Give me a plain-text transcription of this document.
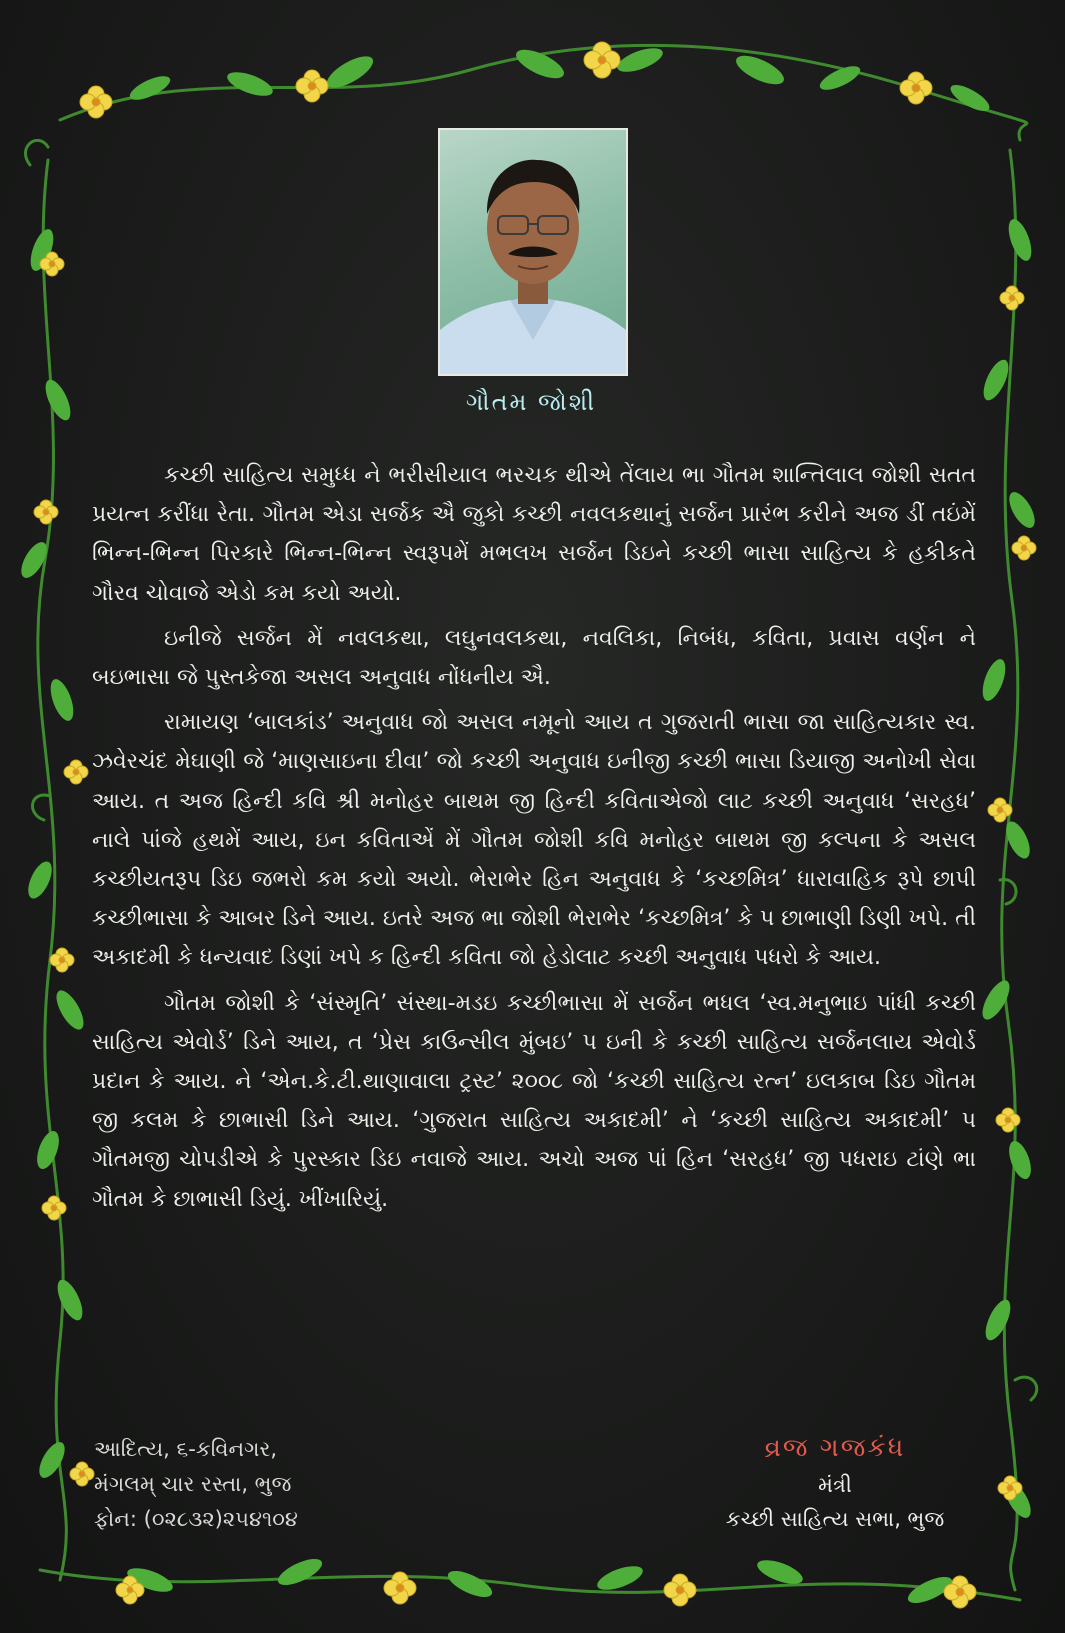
ગૌતમ જોશી

કચ્છી સાહિત્ય સમુધ્ધ ને ભરીસીયાલ ભરચક થીએ તેંલાય ભા ગૌતમ શાન્તિલાલ જોશી સતત પ્રયત્ન કરીંધા રેતા. ગૌતમ એડા સર્જક ઐ જુકો કચ્છી નવલકથાનું સર્જન પ્રારંભ કરીને અજ ડીં તઇંમેં ભિન્ન-ભિન્ન પિરકારે ભિન્ન-ભિન્ન સ્વરૂપમેં મભલખ સર્જન ડિઇને કચ્છી ભાસા સાહિત્ય કે હકીકતે ગૌરવ ચોવાજે એડો કમ કયો અયો.

ઇનીજે સર્જન મેં નવલકથા, લઘુનવલકથા, નવલિકા, નિબંધ, કવિતા, પ્રવાસ વર્ણન ને બઇભાસા જે પુસ્તકેજા અસલ અનુવાધ નોંધનીય ઐ.

રામાયણ ‘બાલકાંડ’ અનુવાધ જો અસલ નમૂનો આય ત ગુજરાતી ભાસા જા સાહિત્યકાર સ્વ. ઝવેરચંદ મેઘાણી જે ‘માણસાઇના દીવા’ જો કચ્છી અનુવાધ ઇનીજી કચ્છી ભાસા ડિયાજી અનોખી સેવા આય. ત અજ હિન્દી કવિ શ્રી મનોહર બાથમ જી હિન્દી કવિતાએજો લાટ કચ્છી અનુવાધ ‘સરહધ’ નાલે પાંજે હથમેં આય, ઇન કવિતાએં મેં ગૌતમ જોશી કવિ મનોહર બાથમ જી કલ્પના કે અસલ કચ્છીયતરૂપ ડિઇ જભરો કમ કયો અયો. ભેરાભેર હિન અનુવાધ કે ‘કચ્છમિત્ર’ ધારાવાહિક રૂપે છાપી કચ્છીભાસા કે આબર ડિને આય. ઇતરે અજ ભા જોશી ભેરાભેર ‘કચ્છમિત્ર’ કે પ છાભાણી ડિણી ખપે. તી અકાદમી કે ધન્યવાદ ડિણાં ખપે ક હિન્દી કવિતા જો હેડોલાટ કચ્છી અનુવાધ પધરો કે આય.

ગૌતમ જોશી કે ‘સંસ્મૃતિ’ સંસ્થા-મડઇ કચ્છીભાસા મેં સર્જન ભધલ ‘સ્વ.મનુભાઇ પાંધી કચ્છી સાહિત્ય એવોર્ડ’ ડિને આય, ત ‘પ્રેસ કાઉન્સીલ મુંબઇ’ પ ઇની કે કચ્છી સાહિત્ય સર્જનલાય એવોર્ડ પ્રદાન કે આય. ને ‘એન.કે.ટી.થાણાવાલા ટ્રસ્ટ’ ૨૦૦૮ જો ‘કચ્છી સાહિત્ય રત્ન’ ઇલકાબ ડિઇ ગૌતમ જી કલમ કે છાભાસી ડિને આય. ‘ગુજરાત સાહિત્ય અકાદમી’ ને ‘કચ્છી સાહિત્ય અકાદમી’ પ ગૌતમજી ચોપડીએ કે પુરસ્કાર ડિઇ નવાજે આય. અચો અજ પાં હિન ‘સરહધ’ જી પધરાઇ ટાંણે ભા ગૌતમ કે છાભાસી ડિયું. ખીંખારિયું.

આદિત્ય, ૬-કવિનગર,
મંગલમ્ ચાર રસ્તા, ભુજ
ફોન: (૦૨૮૩૨)૨૫૪૧૦૪
વ્રજ ગજકંધ
મંત્રી
કચ્છી સાહિત્ય સભા, ભુજ
